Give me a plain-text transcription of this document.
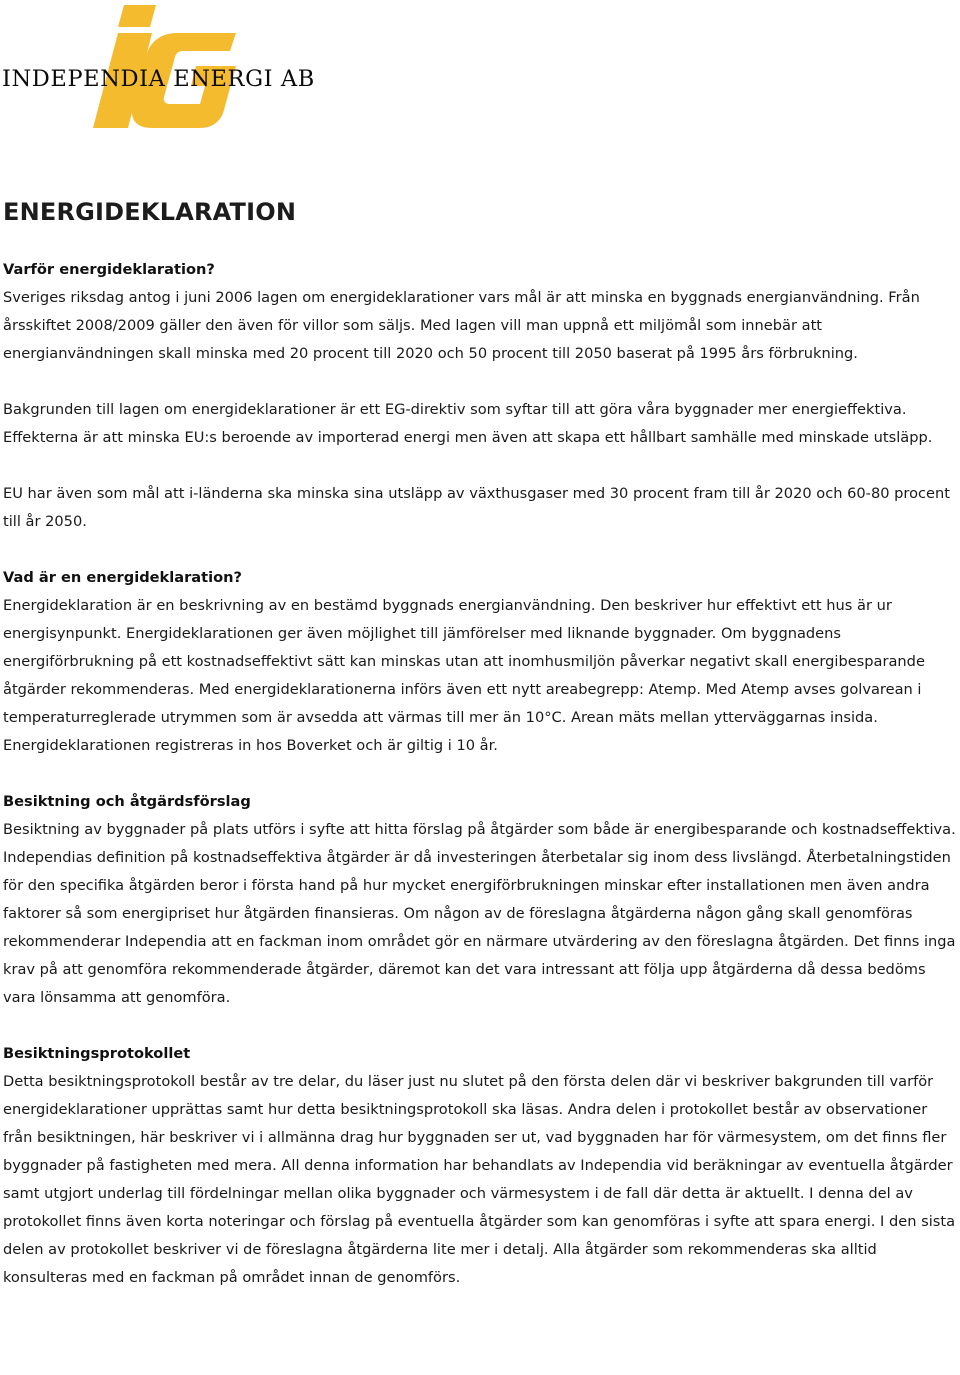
INDEPENDIA ENERGI AB
ENERGIDEKLARATION
Varför energideklaration?

Sveriges riksdag antog i juni 2006 lagen om energideklarationer vars mål är att minska en byggnads energianvändning. Från årsskiftet 2008/2009 gäller den även för villor som säljs. Med lagen vill man uppnå ett miljömål som innebär att energianvändningen skall minska med 20 procent till 2020 och 50 procent till 2050 baserat på 1995 års förbrukning.

Bakgrunden till lagen om energideklarationer är ett EG-direktiv som syftar till att göra våra byggnader mer energieffektiva. Effekterna är att minska EU:s beroende av importerad energi men även att skapa ett hållbart samhälle med minskade utsläpp.

EU har även som mål att i-länderna ska minska sina utsläpp av växthusgaser med 30 procent fram till år 2020 och 60-80 procent till år 2050.

Vad är en energideklaration?

Energideklaration är en beskrivning av en bestämd byggnads energianvändning. Den beskriver hur effektivt ett hus är ur energisynpunkt. Energideklarationen ger även möjlighet till jämförelser med liknande byggnader. Om byggnadens energiförbrukning på ett kostnadseffektivt sätt kan minskas utan att inomhusmiljön påverkar negativt skall energibesparande åtgärder rekommenderas. Med energideklarationerna införs även ett nytt areabegrepp: Atemp. Med Atemp avses golvarean i temperaturreglerade utrymmen som är avsedda att värmas till mer än 10°C. Arean mäts mellan ytterväggarnas insida. Energideklarationen registreras in hos Boverket och är giltig i 10 år.

Besiktning och åtgärdsförslag

Besiktning av byggnader på plats utförs i syfte att hitta förslag på åtgärder som både är energibesparande och kostnadseffektiva. Independias definition på kostnadseffektiva åtgärder är då investeringen återbetalar sig inom dess livslängd. Återbetalningstiden för den specifika åtgärden beror i första hand på hur mycket energiförbrukningen minskar efter installationen men även andra faktorer så som energipriset hur åtgärden finansieras. Om någon av de föreslagna åtgärderna någon gång skall genomföras rekommenderar Independia att en fackman inom området gör en närmare utvärdering av den föreslagna åtgärden. Det finns inga krav på att genomföra rekommenderade åtgärder, däremot kan det vara intressant att följa upp åtgärderna då dessa bedöms vara lönsamma att genomföra.

Besiktningsprotokollet

Detta besiktningsprotokoll består av tre delar, du läser just nu slutet på den första delen där vi beskriver bakgrunden till varför energideklarationer upprättas samt hur detta besiktningsprotokoll ska läsas. Andra delen i protokollet består av observationer från besiktningen, här beskriver vi i allmänna drag hur byggnaden ser ut, vad byggnaden har för värmesystem, om det finns fler byggnader på fastigheten med mera. All denna information har behandlats av Independia vid beräkningar av eventuella åtgärder samt utgjort underlag till fördelningar mellan olika byggnader och värmesystem i de fall där detta är aktuellt. I denna del av protokollet finns även korta noteringar och förslag på eventuella åtgärder som kan genomföras i syfte att spara energi. I den sista delen av protokollet beskriver vi de föreslagna åtgärderna lite mer i detalj. Alla åtgärder som rekommenderas ska alltid konsulteras med en fackman på området innan de genomförs.
